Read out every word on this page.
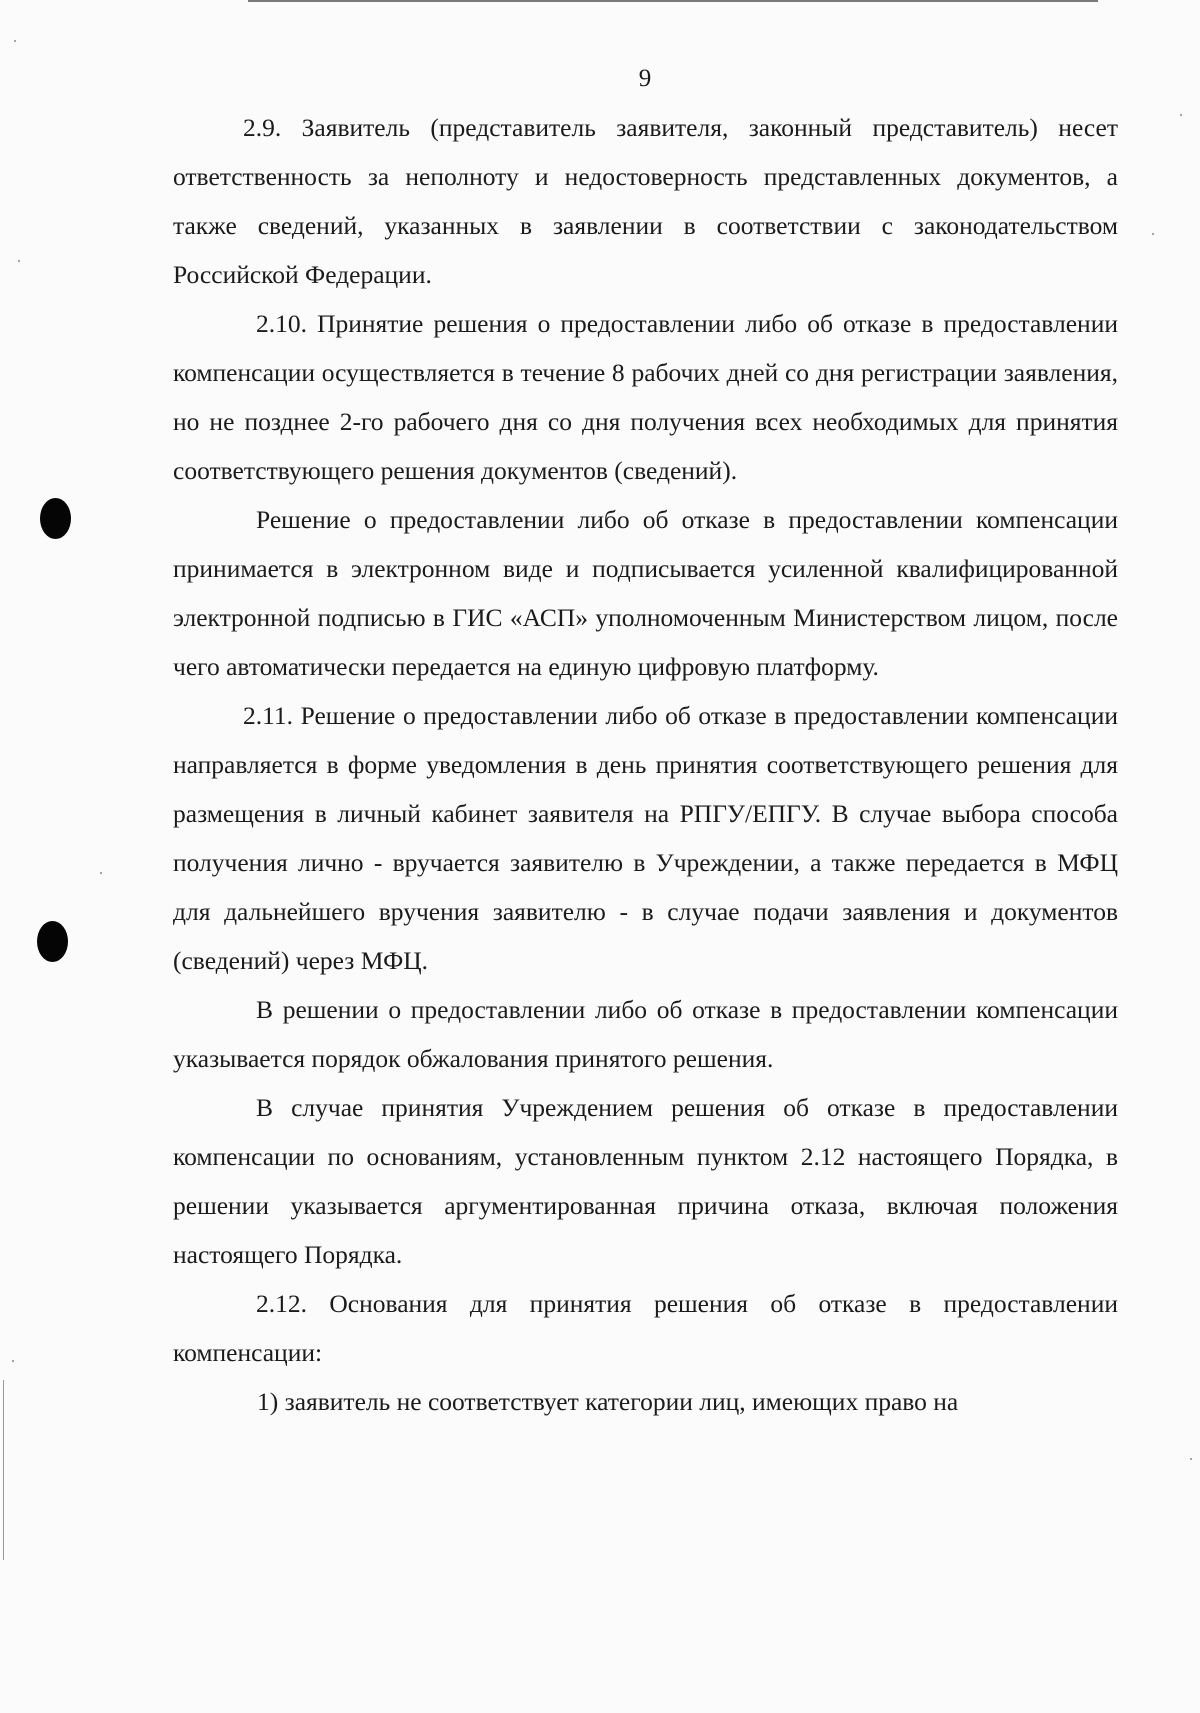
9

2.9. Заявитель (представитель заявителя, законный представитель) несет ответственность за неполноту и недостоверность представленных документов, а также сведений, указанных в заявлении в соответствии с законодательством Российской Федерации.

2.10. Принятие решения о предоставлении либо об отказе в предоставлении компенсации осуществляется в течение 8 рабочих дней со дня регистрации заявления, но не позднее 2-го рабочего дня со дня получения всех необходимых для принятия соответствующего решения документов (сведений).

Решение о предоставлении либо об отказе в предоставлении компенсации принимается в электронном виде и подписывается усиленной квалифицированной электронной подписью в ГИС «АСП» уполномоченным Министерством лицом, после чего автоматически передается на единую цифровую платформу.

2.11. Решение о предоставлении либо об отказе в предоставлении компенсации направляется в форме уведомления в день принятия соответствующего решения для размещения в личный кабинет заявителя на РПГУ/ЕПГУ. В случае выбора способа получения лично - вручается заявителю в Учреждении, а также передается в МФЦ для дальнейшего вручения заявителю - в случае подачи заявления и документов (сведений) через МФЦ.

В решении о предоставлении либо об отказе в предоставлении компенсации указывается порядок обжалования принятого решения.

В случае принятия Учреждением решения об отказе в предоставлении компенсации по основаниям, установленным пунктом 2.12 настоящего Порядка, в решении указывается аргументированная причина отказа, включая положения настоящего Порядка.

2.12. Основания для принятия решения об отказе в предоставлении компенсации:

1) заявитель не соответствует категории лиц, имеющих право на
